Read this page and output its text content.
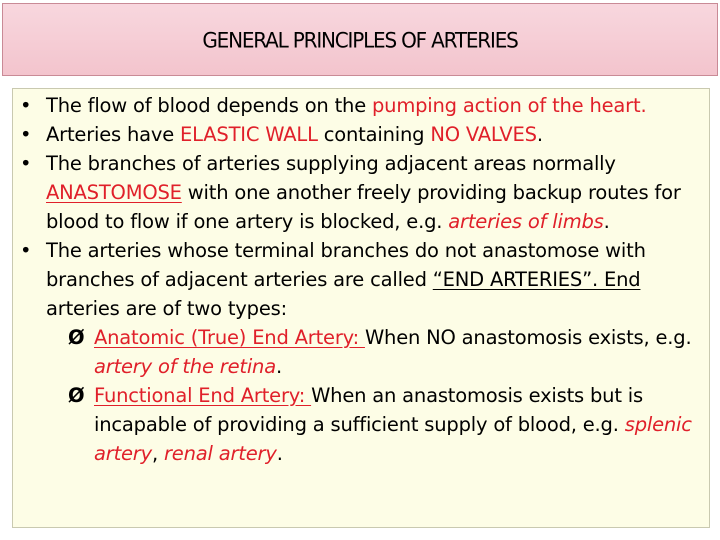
GENERAL PRINCIPLES OF ARTERIES
• The flow of blood depends on the pumping action of the heart.
• Arteries have ELASTIC WALL containing NO VALVES.
• The branches of arteries supplying adjacent areas normally ANASTOMOSE with one another freely providing backup routes for blood to flow if one artery is blocked, e.g. arteries of limbs.
• The arteries whose terminal branches do not anastomose with branches of adjacent arteries are called “END ARTERIES”. End arteries are of two types:
Ø Anatomic (True) End Artery: When NO anastomosis exists, e.g. artery of the retina.
Ø Functional End Artery: When an anastomosis exists but is incapable of providing a sufficient supply of blood, e.g. splenic artery, renal artery.
